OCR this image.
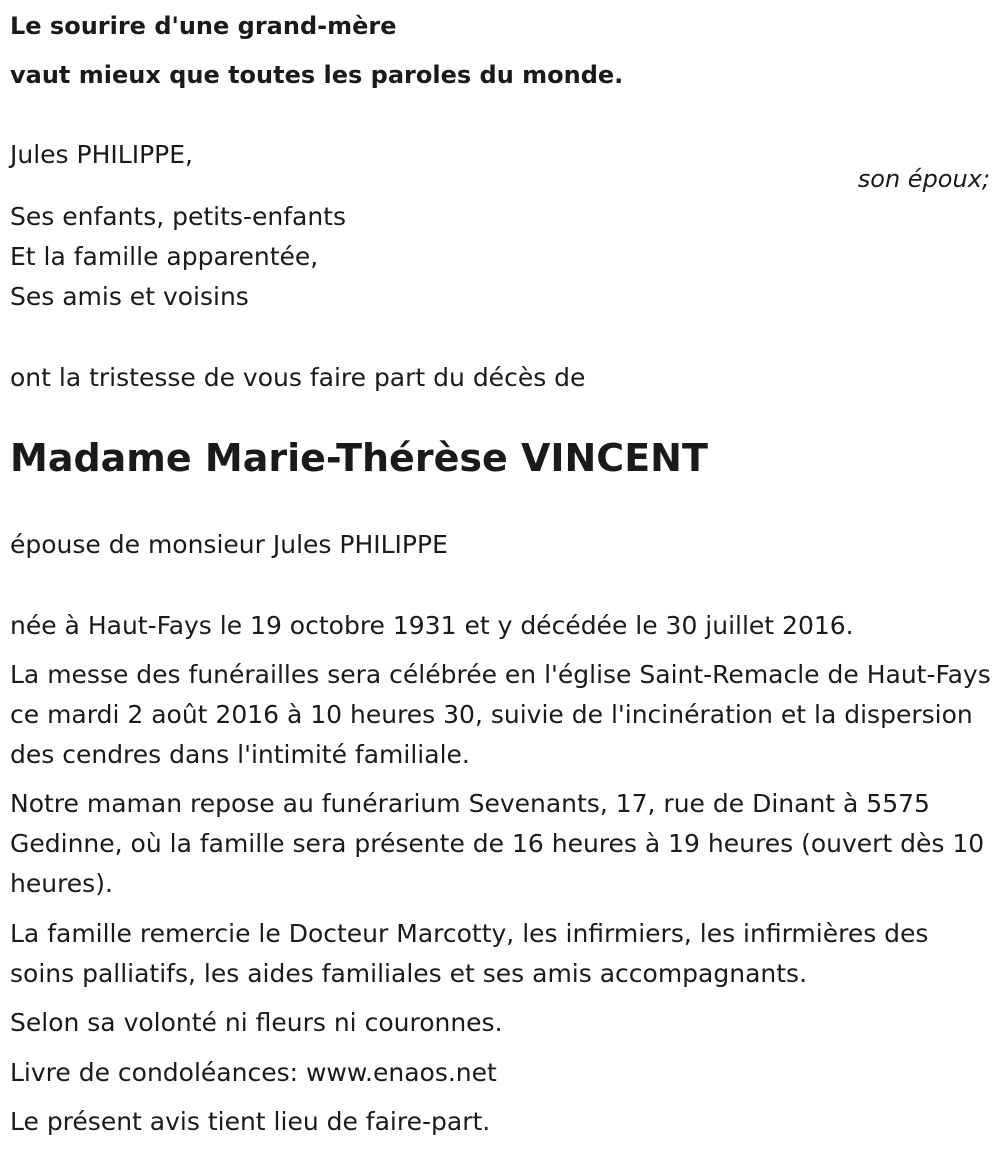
Le sourire d'une grand-mère
vaut mieux que toutes les paroles du monde.
Jules PHILIPPE,
son époux;
Ses enfants, petits-enfants
Et la famille apparentée,
Ses amis et voisins
ont la tristesse de vous faire part du décès de
Madame Marie-Thérèse VINCENT
épouse de monsieur Jules PHILIPPE
née à Haut-Fays le 19 octobre 1931 et y décédée le 30 juillet 2016.
La messe des funérailles sera célébrée en l'église Saint-Remacle de Haut-Fays ce mardi 2 août 2016 à 10 heures 30, suivie de l'incinération et la dispersion des cendres dans l'intimité familiale.
Notre maman repose au funérarium Sevenants, 17, rue de Dinant à 5575 Gedinne, où la famille sera présente de 16 heures à 19 heures (ouvert dès 10 heures).
La famille remercie le Docteur Marcotty, les infirmiers, les infirmières des soins palliatifs, les aides familiales et ses amis accompagnants.
Selon sa volonté ni fleurs ni couronnes.
Livre de condoléances: www.enaos.net
Le présent avis tient lieu de faire-part.
